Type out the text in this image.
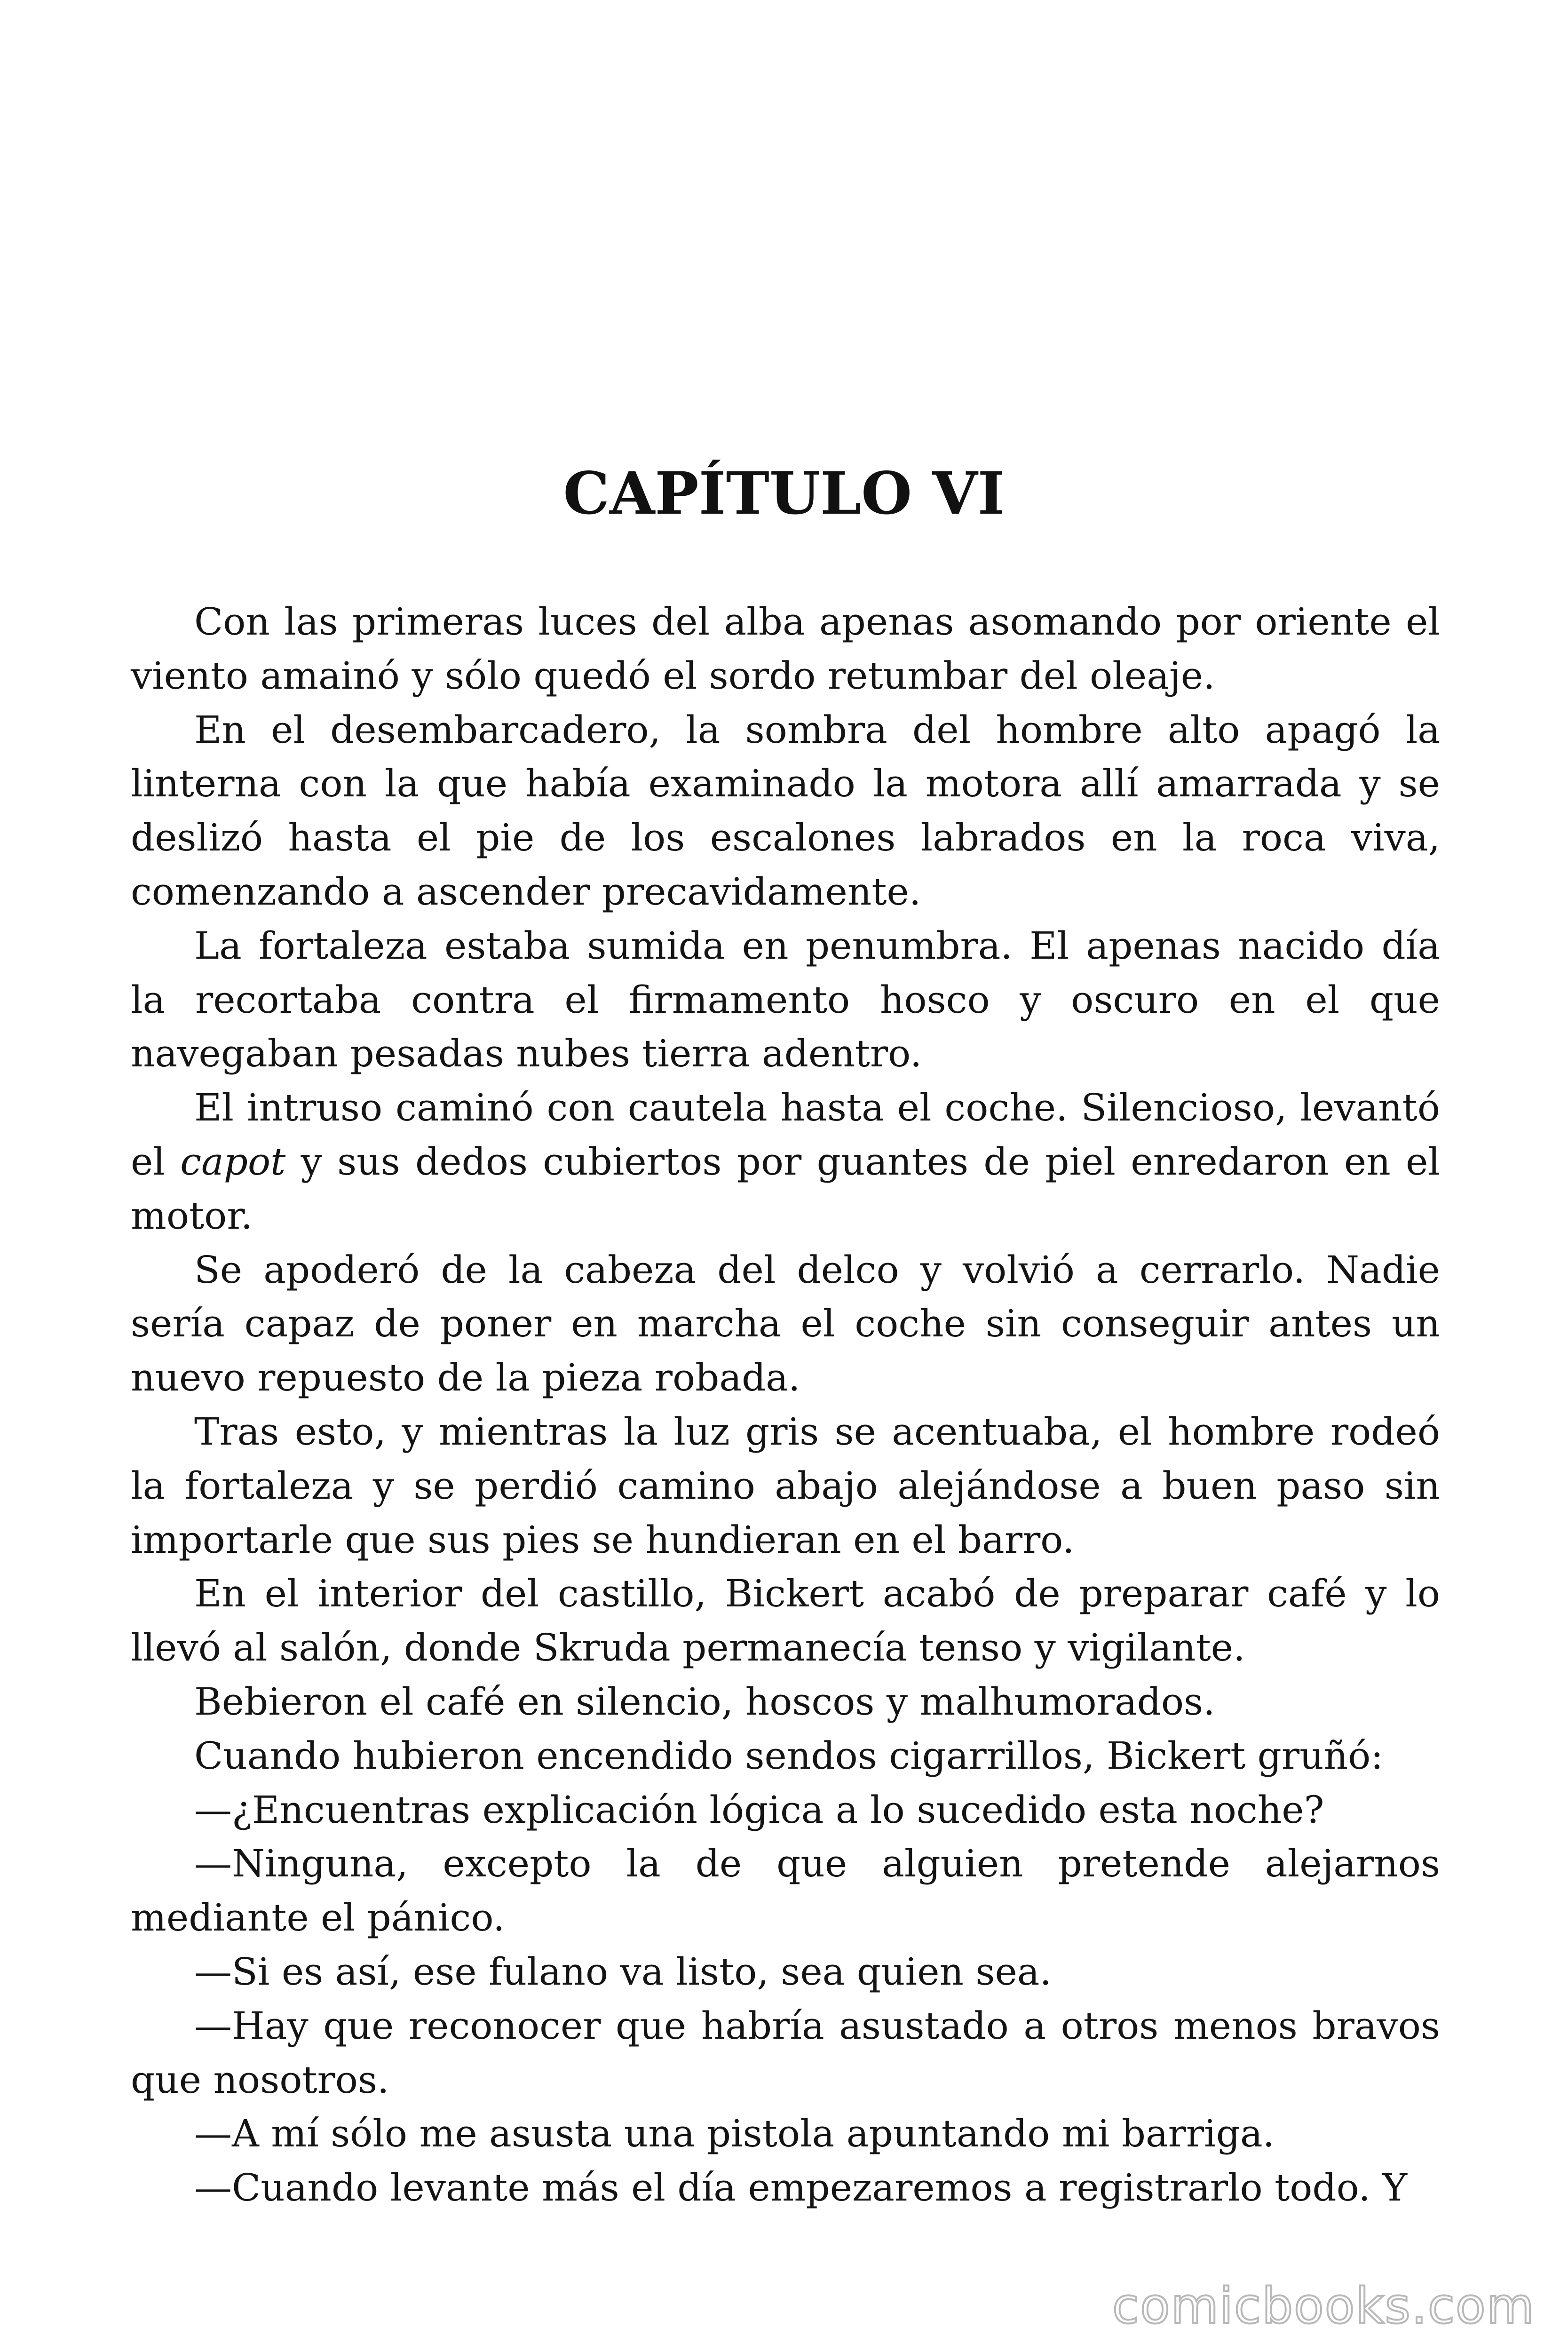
CAPÍTULO VI

Con las primeras luces del alba apenas asomando por oriente el viento amainó y sólo quedó el sordo retumbar del oleaje.

En el desembarcadero, la sombra del hombre alto apagó la linterna con la que había examinado la motora allí amarrada y se deslizó hasta el pie de los escalones labrados en la roca viva, comenzando a ascender precavidamente.

La fortaleza estaba sumida en penumbra. El apenas nacido día la recortaba contra el firmamento hosco y oscuro en el que navegaban pesadas nubes tierra adentro.

El intruso caminó con cautela hasta el coche. Silencioso, levantó el capot y sus dedos cubiertos por guantes de piel enredaron en el motor.

Se apoderó de la cabeza del delco y volvió a cerrarlo. Nadie sería capaz de poner en marcha el coche sin conseguir antes un nuevo repuesto de la pieza robada.

Tras esto, y mientras la luz gris se acentuaba, el hombre rodeó la fortaleza y se perdió camino abajo alejándose a buen paso sin importarle que sus pies se hundieran en el barro.

En el interior del castillo, Bickert acabó de preparar café y lo llevó al salón, donde Skruda permanecía tenso y vigilante.

Bebieron el café en silencio, hoscos y malhumorados.

Cuando hubieron encendido sendos cigarrillos, Bickert gruñó:

—¿Encuentras explicación lógica a lo sucedido esta noche?

—Ninguna, excepto la de que alguien pretende alejarnos mediante el pánico.

—Si es así, ese fulano va listo, sea quien sea.

—Hay que reconocer que habría asustado a otros menos bravos que nosotros.

—A mí sólo me asusta una pistola apuntando mi barriga.

—Cuando levante más el día empezaremos a registrarlo todo. Y

comicbooks.com
